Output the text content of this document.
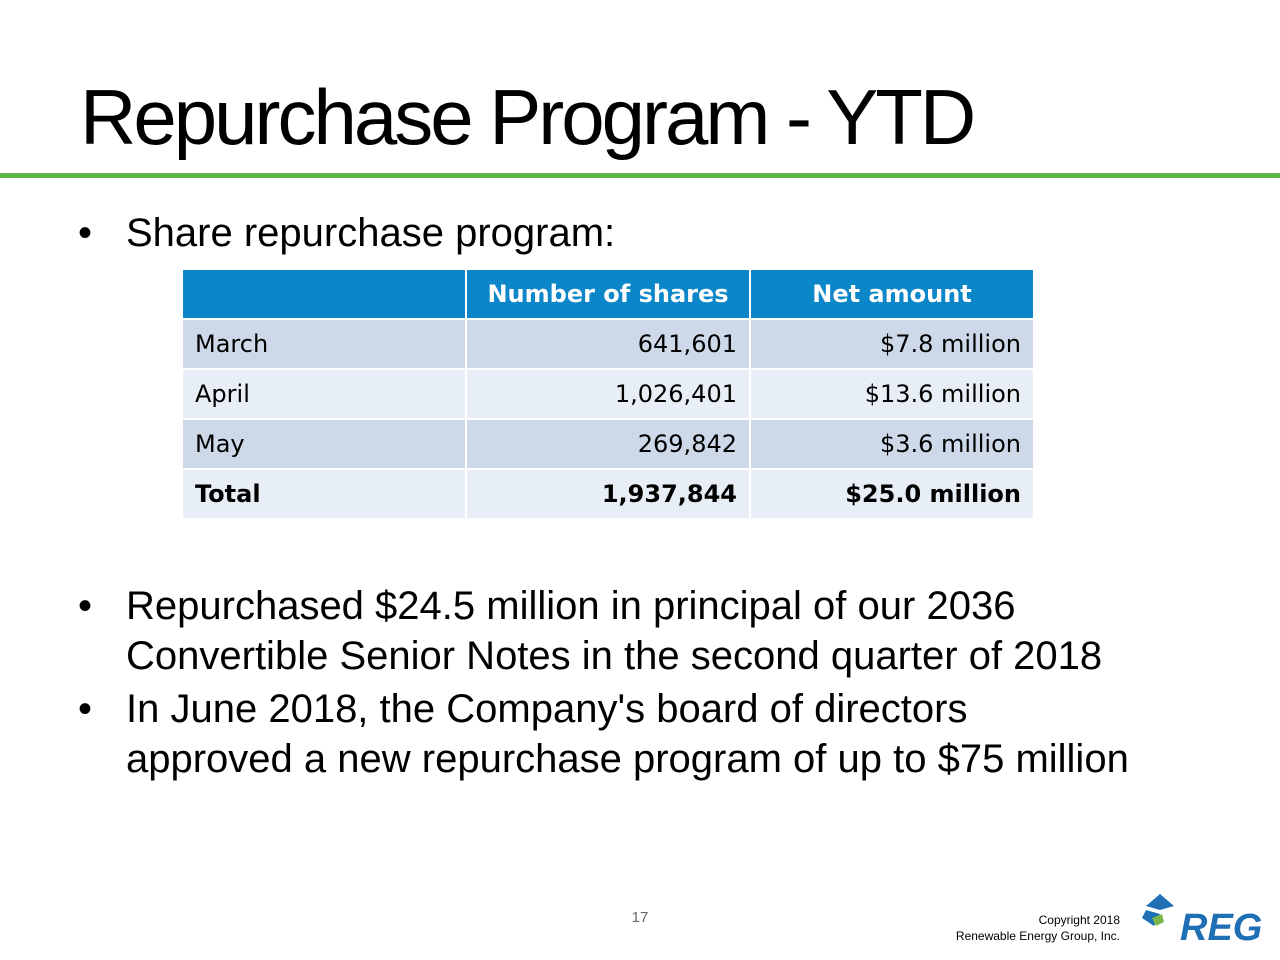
Repurchase Program - YTD
• Share repurchase program:
	Number of shares	Net amount
March	641,601	$7.8 million
April	1,026,401	$13.6 million
May	269,842	$3.6 million
Total	1,937,844	$25.0 million
• Repurchased $24.5 million in principal of our 2036
Convertible Senior Notes in the second quarter of 2018
• In June 2018, the Company's board of directors
approved a new repurchase program of up to $75 million
17	Copyright 2018
Renewable Energy Group, Inc. REG
